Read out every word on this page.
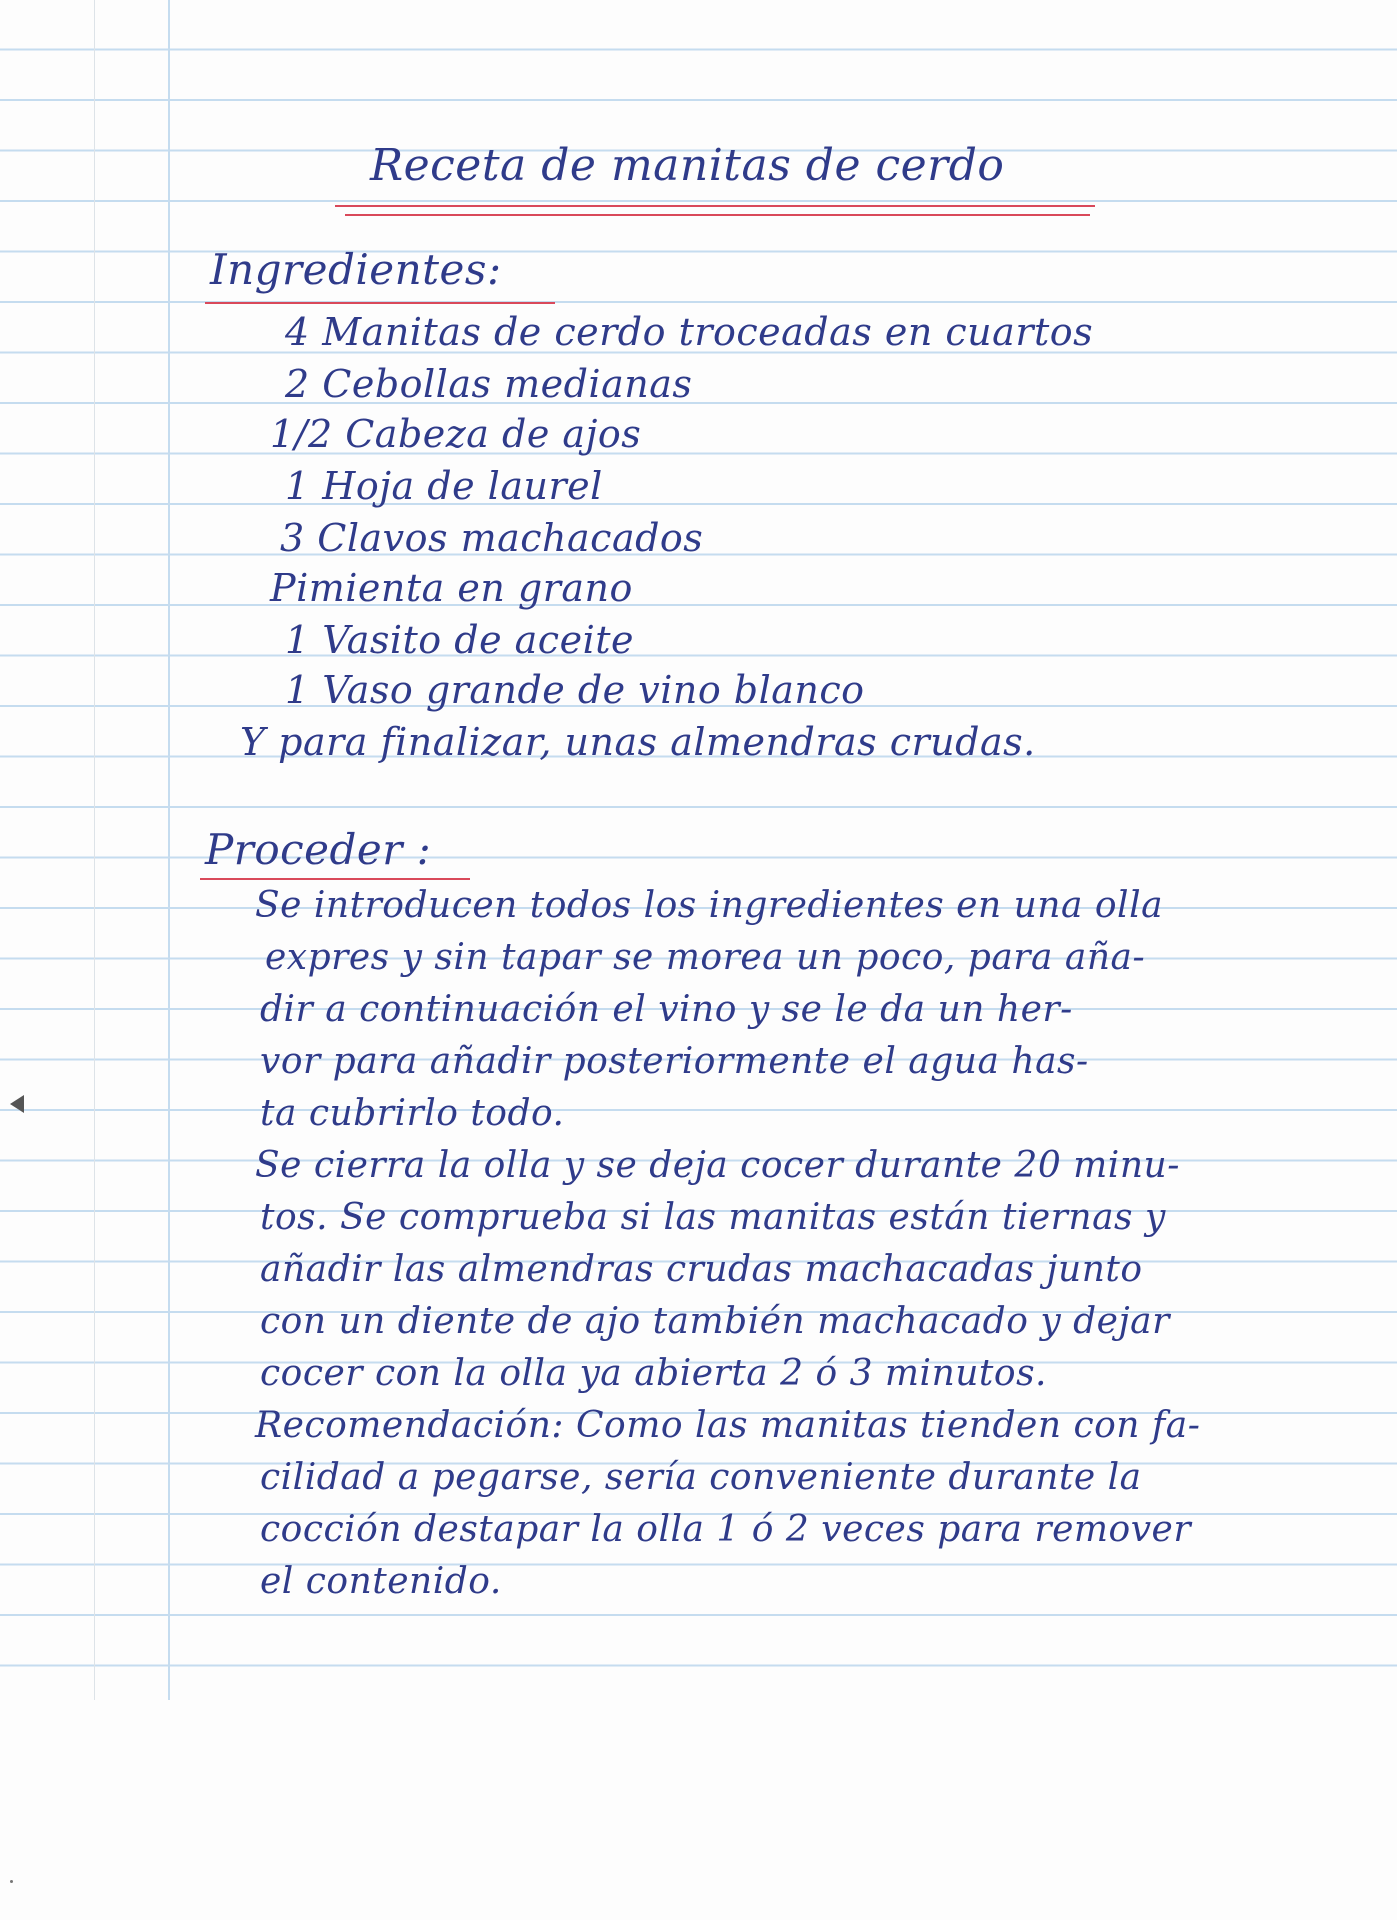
Receta de manitas de cerdo
Ingredientes:
4 Manitas de cerdo troceadas en cuartos
2 Cebollas medianas
1/2 Cabeza de ajos
1 Hoja de laurel
3 Clavos machacados
Pimienta en grano
1 Vasito de aceite
1 Vaso grande de vino blanco
Y para finalizar, unas almendras crudas.
Proceder :
Se introducen todos los ingredientes en una olla
expres y sin tapar se morea un poco, para aña-
dir a continuación el vino y se le da un her-
vor para añadir posteriormente el agua has-
ta cubrirlo todo.
Se cierra la olla y se deja cocer durante 20 minu-
tos. Se comprueba si las manitas están tiernas y
añadir las almendras crudas machacadas junto
con un diente de ajo también machacado y dejar
cocer con la olla ya abierta 2 ó 3 minutos.
Recomendación: Como las manitas tienden con fa-
cilidad a pegarse, sería conveniente durante la
cocción destapar la olla 1 ó 2 veces para remover
el contenido.
